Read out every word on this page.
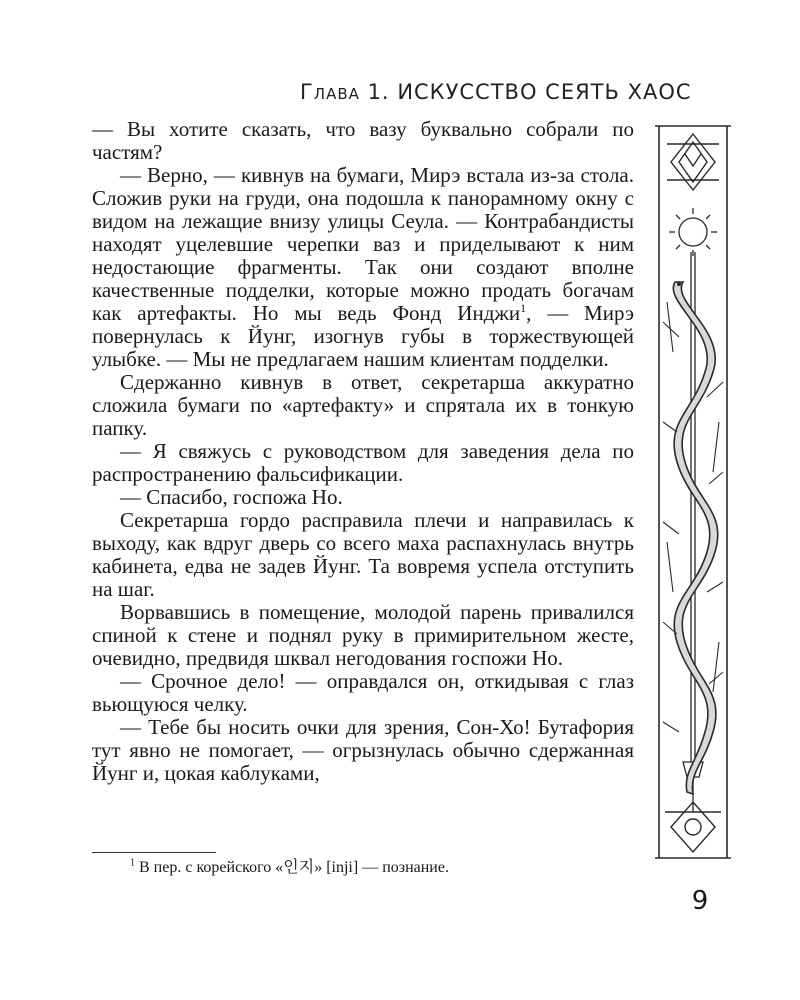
Глава 1. ИСКУССТВО СЕЯТЬ ХАОС

— Вы хотите сказать, что вазу буквально собрали по частям?

— Верно, — кивнув на бумаги, Мирэ встала из-за стола. Сложив руки на груди, она подошла к панорамному окну с видом на лежащие внизу улицы Сеула. — Контрабандисты находят уцелевшие черепки ваз и приделывают к ним недостающие фрагменты. Так они создают вполне качественные подделки, которые можно продать богачам как артефакты. Но мы ведь Фонд Инджи$^1$, — Мирэ повернулась к Йунг, изогнув губы в торжествующей улыбке. — Мы не предлагаем нашим клиентам подделки.

Сдержанно кивнув в ответ, секретарша аккуратно сложила бумаги по «артефакту» и спрятала их в тонкую папку.

— Я свяжусь с руководством для заведения дела по распространению фальсификации.

— Спасибо, госпожа Но.

Секретарша гордо расправила плечи и направилась к выходу, как вдруг дверь со всего маха распахнулась внутрь кабинета, едва не задев Йунг. Та вовремя успела отступить на шаг.

Ворвавшись в помещение, молодой парень привалился спиной к стене и поднял руку в примирительном жесте, очевидно, предвидя шквал негодования госпожи Но.

— Срочное дело! — оправдался он, откидывая с глаз вьющуюся челку.

— Тебе бы носить очки для зрения, Сон-Хо! Бутафория тут явно не помогает, — огрызнулась обычно сдержанная Йунг и, цокая каблуками,

$^1$ В пер. с корейского «인지» [inji] — познание.
9
